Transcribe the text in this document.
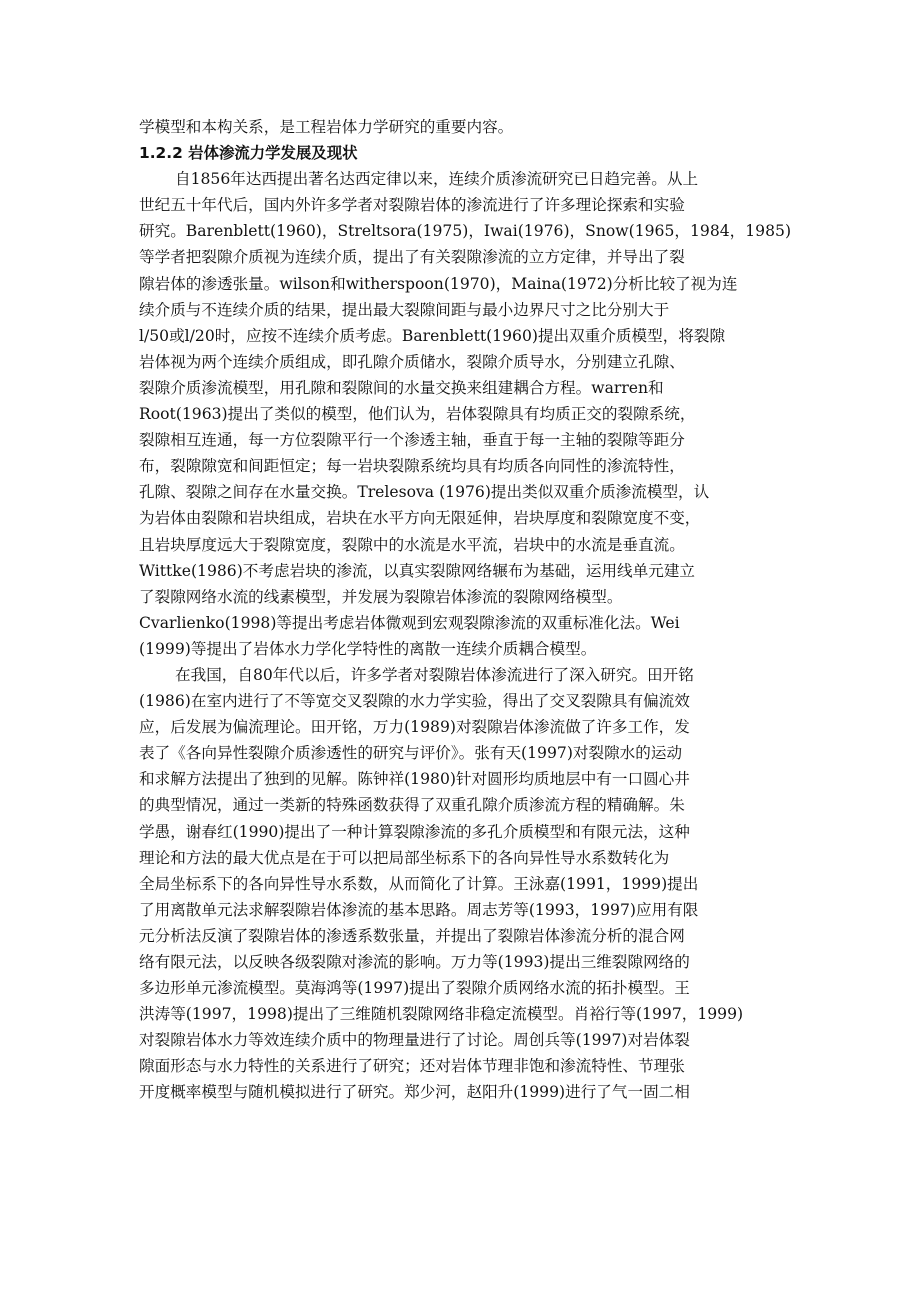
学模型和本构关系，是工程岩体力学研究的重要内容。
1.2.2 岩体渗流力学发展及现状
自1856年达西提出著名达西定律以来，连续介质渗流研究已日趋完善。从上
世纪五十年代后，国内外许多学者对裂隙岩体的渗流进行了许多理论探索和实验
研究。Barenblett(1960)，Streltsora(1975)，Iwai(1976)，Snow(1965，1984，1985)
等学者把裂隙介质视为连续介质，提出了有关裂隙渗流的立方定律，并导出了裂
隙岩体的渗透张量。wilson和witherspoon(1970)，Maina(1972)分析比较了视为连
续介质与不连续介质的结果，提出最大裂隙间距与最小边界尺寸之比分别大于
l/50或l/20时，应按不连续介质考虑。Barenblett(1960)提出双重介质模型，将裂隙
岩体视为两个连续介质组成，即孔隙介质储水，裂隙介质导水，分别建立孔隙、
裂隙介质渗流模型，用孔隙和裂隙间的水量交换来组建耦合方程。warren和
Root(1963)提出了类似的模型，他们认为，岩体裂隙具有均质正交的裂隙系统，
裂隙相互连通，每一方位裂隙平行一个渗透主轴，垂直于每一主轴的裂隙等距分
布，裂隙隙宽和间距恒定；每一岩块裂隙系统均具有均质各向同性的渗流特性，
孔隙、裂隙之间存在水量交换。Trelesova (1976)提出类似双重介质渗流模型，认
为岩体由裂隙和岩块组成，岩块在水平方向无限延伸，岩块厚度和裂隙宽度不变，
且岩块厚度远大于裂隙宽度，裂隙中的水流是水平流，岩块中的水流是垂直流。
Wittke(1986)不考虑岩块的渗流，以真实裂隙网络辗布为基础，运用线单元建立
了裂隙网络水流的线素模型，并发展为裂隙岩体渗流的裂隙网络模型。
Cvarlienko(1998)等提出考虑岩体微观到宏观裂隙渗流的双重标准化法。Wei
(1999)等提出了岩体水力学化学特性的离散一连续介质耦合模型。
在我国，自80年代以后，许多学者对裂隙岩体渗流进行了深入研究。田开铭
(1986)在室内进行了不等宽交叉裂隙的水力学实验，得出了交叉裂隙具有偏流效
应，后发展为偏流理论。田开铭，万力(1989)对裂隙岩体渗流做了许多工作，发
表了《各向异性裂隙介质渗透性的研究与评价》。张有天(1997)对裂隙水的运动
和求解方法提出了独到的见解。陈钟祥(1980)针对圆形均质地层中有一口圆心井
的典型情况，通过一类新的特殊函数获得了双重孔隙介质渗流方程的精确解。朱
学愚，谢春红(1990)提出了一种计算裂隙渗流的多孔介质模型和有限元法，这种
理论和方法的最大优点是在于可以把局部坐标系下的各向异性导水系数转化为
全局坐标系下的各向异性导水系数，从而简化了计算。王泳嘉(1991，1999)提出
了用离散单元法求解裂隙岩体渗流的基本思路。周志芳等(1993，1997)应用有限
元分析法反演了裂隙岩体的渗透系数张量，并提出了裂隙岩体渗流分析的混合网
络有限元法，以反映各级裂隙对渗流的影响。万力等(1993)提出三维裂隙网络的
多边形单元渗流模型。莫海鸿等(1997)提出了裂隙介质网络水流的拓扑模型。王
洪涛等(1997，1998)提出了三维随机裂隙网络非稳定流模型。肖裕行等(1997，1999)
对裂隙岩体水力等效连续介质中的物理量进行了讨论。周创兵等(1997)对岩体裂
隙面形态与水力特性的关系进行了研究；还对岩体节理非饱和渗流特性、节理张
开度概率模型与随机模拟进行了研究。郑少河，赵阳升(1999)进行了气一固二相
